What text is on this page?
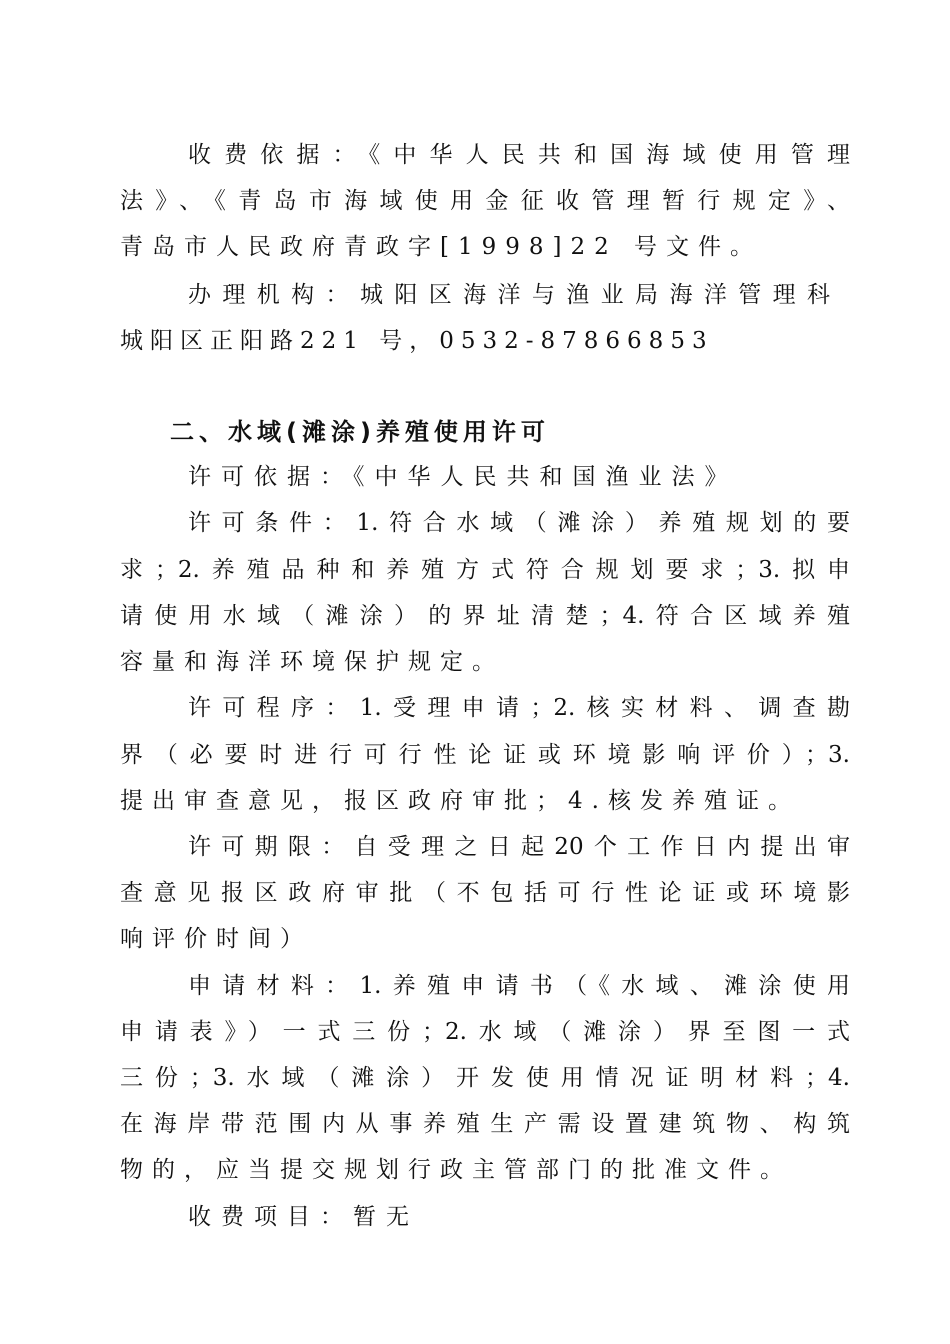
收费依据：《中华人民共和国海域使用管理
法》、《青岛市海域使用金征收管理暂行规定》、
青岛市人民政府青政字[1998]22 号文件。
办理机构：城阳区海洋与渔业局海洋管理科
城阳区正阳路221 号，0532-87866853
二、水域(滩涂)养殖使用许可
许可依据：《中华人民共和国渔业法》
许可条件：1.符合水域（滩涂）养殖规划的要
求；2.养殖品种和养殖方式符合规划要求；3.拟申
请使用水域（滩涂）的界址清楚；4.符合区域养殖
容量和海洋环境保护规定。
许可程序：1.受理申请；2.核实材料、调查勘
界（必要时进行可行性论证或环境影响评价）；3.
提出审查意见，报区政府审批；4.核发养殖证。
许可期限：自受理之日起20个工作日内提出审
查意见报区政府审批（不包括可行性论证或环境影
响评价时间）
申请材料：1.养殖申请书（《水域、滩涂使用
申请表》）一式三份；2.水域（滩涂）界至图一式
三份；3.水域（滩涂）开发使用情况证明材料；4.
在海岸带范围内从事养殖生产需设置建筑物、构筑
物的，应当提交规划行政主管部门的批准文件。
收费项目：暂无
